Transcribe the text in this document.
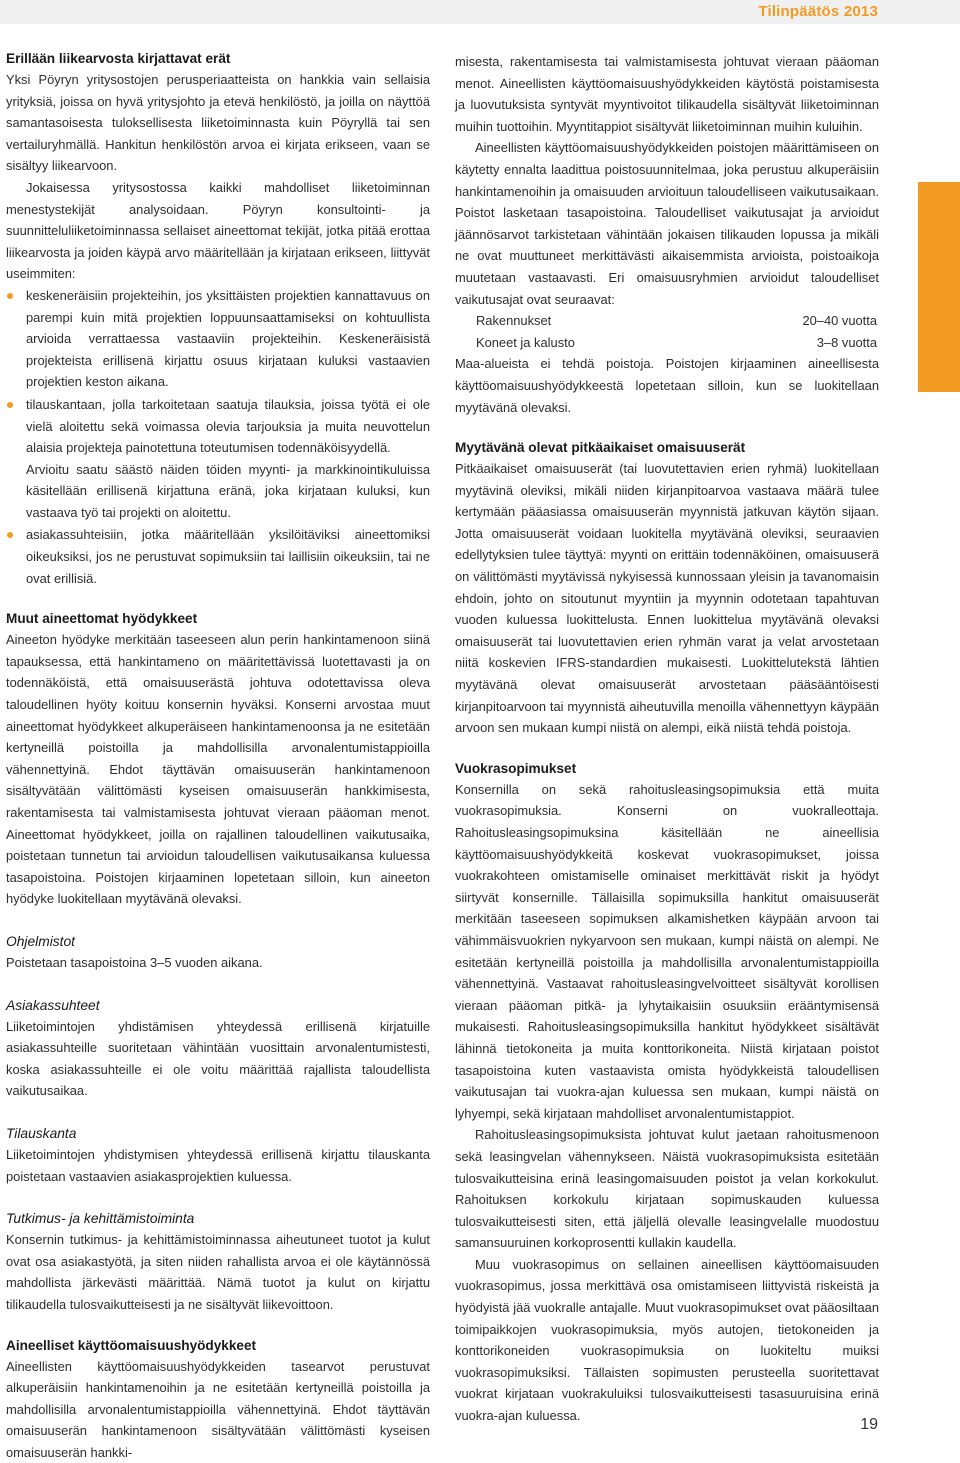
Tilinpäätös 2013
Erillään liikearvosta kirjattavat erät

Yksi Pöyryn yritysostojen perusperiaatteista on hankkia vain sellaisia yrityksiä, joissa on hyvä yritysjohto ja etevä henkilöstö, ja joilla on näyttöä samantasoisesta tuloksellisesta liiketoiminnasta kuin Pöyryllä tai sen vertailuryhmällä. Hankitun henkilöstön arvoa ei kirjata erikseen, vaan se sisältyy liikearvoon.

Jokaisessa yritysostossa kaikki mahdolliset liiketoiminnan menestystekijät analysoidaan. Pöyryn konsultointi- ja suunnitteluliiketoiminnassa sellaiset aineettomat tekijät, jotka pitää erottaa liikearvosta ja joiden käypä arvo määritellään ja kirjataan erikseen, liittyvät useimmiten:

keskeneräisiin projekteihin, jos yksittäisten projektien kannattavuus on parempi kuin mitä projektien loppuunsaattamiseksi on kohtuullista arvioida verrattaessa vastaaviin projekteihin. Keskeneräisistä projekteista erillisenä kirjattu osuus kirjataan kuluksi vastaavien projektien keston aikana.

tilauskantaan, jolla tarkoitetaan saatuja tilauksia, joissa työtä ei ole vielä aloitettu sekä voimassa olevia tarjouksia ja muita neuvottelun alaisia projekteja painotettuna toteutumisen todennäköisyydellä.

Arvioitu saatu säästö näiden töiden myynti- ja markkinointikuluissa käsitellään erillisenä kirjattuna eränä, joka kirjataan kuluksi, kun vastaava työ tai projekti on aloitettu.

asiakassuhteisiin, jotka määritellään yksilöitäviksi aineettomiksi oikeuksiksi, jos ne perustuvat sopimuksiin tai laillisiin oikeuksiin, tai ne ovat erillisiä.

Muut aineettomat hyödykkeet

Aineeton hyödyke merkitään taseeseen alun perin hankintamenoon siinä tapauksessa, että hankintameno on määritettävissä luotettavasti ja on todennäköistä, että omaisuuserästä johtuva odotettavissa oleva taloudellinen hyöty koituu konsernin hyväksi. Konserni arvostaa muut aineettomat hyödykkeet alkuperäiseen hankintamenoonsa ja ne esitetään kertyneillä poistoilla ja mahdollisilla arvonalentumistappioilla vähennettyinä. Ehdot täyttävän omaisuuserän hankintamenoon sisältyvätään välittömästi kyseisen omaisuuserän hankkimisesta, rakentamisesta tai valmistamisesta johtuvat vieraan pääoman menot. Aineettomat hyödykkeet, joilla on rajallinen taloudellinen vaikutusaika, poistetaan tunnetun tai arvioidun taloudellisen vaikutusaikansa kuluessa tasapoistoina. Poistojen kirjaaminen lopetetaan silloin, kun aineeton hyödyke luokitellaan myytävänä olevaksi.

Ohjelmistot

Poistetaan tasapoistoina 3–5 vuoden aikana.

Asiakassuhteet

Liiketoimintojen yhdistämisen yhteydessä erillisenä kirjatuille asiakassuhteille suoritetaan vähintään vuosittain arvonalentumistesti, koska asiakassuhteille ei ole voitu määrittää rajallista taloudellista vaikutusaikaa.

Tilauskanta

Liiketoimintojen yhdistymisen yhteydessä erillisenä kirjattu tilauskanta poistetaan vastaavien asiakasprojektien kuluessa.

Tutkimus- ja kehittämistoiminta

Konsernin tutkimus- ja kehittämistoiminnassa aiheutuneet tuotot ja kulut ovat osa asiakastyötä, ja siten niiden rahallista arvoa ei ole käytännössä mahdollista järkevästi määrittää. Nämä tuotot ja kulut on kirjattu tilikaudella tulosvaikutteisesti ja ne sisältyvät liikevoittoon.

Aineelliset käyttöomaisuushyödykkeet

Aineellisten käyttöomaisuushyödykkeiden tasearvot perustuvat alkuperäisiin hankintamenoihin ja ne esitetään kertyneillä poistoilla ja mahdollisilla arvonalentumistappioilla vähennettyinä. Ehdot täyttävän omaisuuserän hankintamenoon sisältyvätään välittömästi kyseisen omaisuuserän hankki-

misesta, rakentamisesta tai valmistamisesta johtuvat vieraan pääoman menot. Aineellisten käyttöomaisuushyödykkeiden käytöstä poistamisesta ja luovutuksista syntyvät myyntivoitot tilikaudella sisältyvät liiketoiminnan muihin tuottoihin. Myyntitappiot sisältyvät liiketoiminnan muihin kuluihin.

Aineellisten käyttöomaisuushyödykkeiden poistojen määrittämiseen on käytetty ennalta laadittua poistosuunnitelmaa, joka perustuu alkuperäisiin hankintamenoihin ja omaisuuden arvioituun taloudelliseen vaikutusaikaan. Poistot lasketaan tasapoistoina. Taloudelliset vaikutusajat ja arvioidut jäännösarvot tarkistetaan vähintään jokaisen tilikauden lopussa ja mikäli ne ovat muuttuneet merkittävästi aikaisemmista arvioista, poistoaikoja muutetaan vastaavasti. Eri omaisuusryhmien arvioidut taloudelliset vaikutusajat ovat seuraavat:

Rakennukset	20–40 vuotta
Koneet ja kalusto	3–8 vuotta

Maa-alueista ei tehdä poistoja. Poistojen kirjaaminen aineellisesta käyttöomaisuushyödykkeestä lopetetaan silloin, kun se luokitellaan myytävänä olevaksi.

Myytävänä olevat pitkäaikaiset omaisuuserät

Pitkäaikaiset omaisuuserät (tai luovutettavien erien ryhmä) luokitellaan myytävinä oleviksi, mikäli niiden kirjanpitoarvoa vastaava määrä tulee kertymään pääasiassa omaisuuserän myynnistä jatkuvan käytön sijaan. Jotta omaisuuserät voidaan luokitella myytävänä oleviksi, seuraavien edellytyksien tulee täyttyä: myynti on erittäin todennäköinen, omaisuuserä on välittömästi myytävissä nykyisessä kunnossaan yleisin ja tavanomaisin ehdoin, johto on sitoutunut myyntiin ja myynnin odotetaan tapahtuvan vuoden kuluessa luokittelusta. Ennen luokittelua myytävänä olevaksi omaisuuserät tai luovutettavien erien ryhmän varat ja velat arvostetaan niitä koskevien IFRS-standardien mukaisesti. Luokittelutekstä lähtien myytävänä olevat omaisuuserät arvostetaan pääsääntöisesti kirjanpitoarvoon tai myynnistä aiheutuvilla menoilla vähennettyyn käypään arvoon sen mukaan kumpi niistä on alempi, eikä niistä tehdä poistoja.

Vuokrasopimukset

Konsernilla on sekä rahoitusleasingsopimuksia että muita vuokrasopimuksia. Konserni on vuokralleottaja. Rahoitusleasingsopimuksina käsitellään ne aineellisia käyttöomaisuushyödykkeitä koskevat vuokrasopimukset, joissa vuokrakohteen omistamiselle ominaiset merkittävät riskit ja hyödyt siirtyvät konsernille. Tällaisilla sopimuksilla hankitut omaisuuserät merkitään taseeseen sopimuksen alkamishetken käypään arvoon tai vähimmäisvuokrien nykyarvoon sen mukaan, kumpi näistä on alempi. Ne esitetään kertyneillä poistoilla ja mahdollisilla arvonalentumistappioilla vähennettyinä. Vastaavat rahoitusleasingvelvoitteet sisältyvät korollisen vieraan pääoman pitkä- ja lyhytaikaisiin osuuksiin erääntymisensä mukaisesti. Rahoitusleasingsopimuksilla hankitut hyödykkeet sisältävät lähinnä tietokoneita ja muita konttorikoneita. Niistä kirjataan poistot tasapoistoina kuten vastaavista omista hyödykkeistä taloudellisen vaikutusajan tai vuokra-ajan kuluessa sen mukaan, kumpi näistä on lyhyempi, sekä kirjataan mahdolliset arvonalentumistappiot.

Rahoitusleasingsopimuksista johtuvat kulut jaetaan rahoitusmenoon sekä leasingvelan vähennykseen. Näistä vuokrasopimuksista esitetään tulosvaikutteisina erinä leasingomaisuuden poistot ja velan korkokulut. Rahoituksen korkokulu kirjataan sopimuskauden kuluessa tulosvaikutteisesti siten, että jäljellä olevalle leasingvelalle muodostuu samansuuruinen korkoprosentti kullakin kaudella.

Muu vuokrasopimus on sellainen aineellisen käyttöomaisuuden vuokrasopimus, jossa merkittävä osa omistamiseen liittyvistä riskeistä ja hyödyistä jää vuokralle antajalle. Muut vuokrasopimukset ovat pääosiltaan toimipaikkojen vuokrasopimuksia, myös autojen, tietokoneiden ja konttorikoneiden vuokrasopimuksia on luokiteltu muiksi vuokrasopimuksiksi. Tällaisten sopimusten perusteella suoritettavat vuokrat kirjataan vuokrakuluiksi tulosvaikutteisesti tasasuuruisina erinä vuokra-ajan kuluessa.

19
